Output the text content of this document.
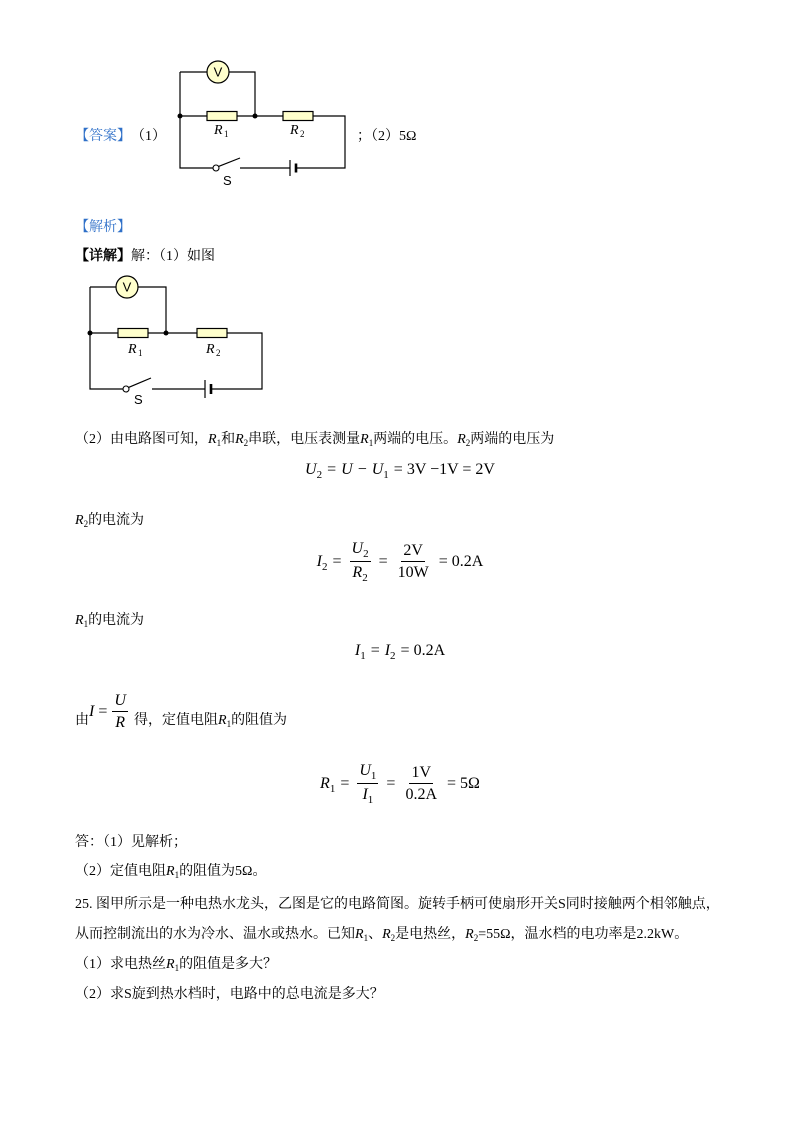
【答案】 （1）	；（2）5Ω
V
R 1	R 2
S
【解析】
【详解】 解：（1）如图
V
R 1	R 2
S
（2）由电路图可知， R 1 和 R 2 串联，电压表测量 R 1 两端的电压。 R 2 两端的电压为
U 2 = U − U 1 = 3V −1V = 2V
R 2 的电流为
I $2 = \frac{U 2}{R 2} = \frac{2V}{10W} = 0.2A$
R 1 的电流为
I 1 = I 2 = 0.2A
由
$I = \frac{U}{R}$ 得，定值电阻 R 1 的阻值为
R $1 = \frac{U 1}{I 1} = \frac{1V}{0.2A} = 5\Omega$
答：（1）见解析；
（2）定值电阻 R 1 的阻值为5Ω。
25. 图甲所示是一种电热水龙头，乙图是它的电路简图。旋转手柄可使扇形开关S同时接触两个相邻触点，
从而控制流出的水为冷水、温水或热水。已知 R 1 、 R 2 是电热丝， R 2 =55Ω，温水档的电功率是2.2kW。
（1）求电热丝 R 1 的阻值是多大？
（2）求S旋到热水档时，电路中的总电流是多大？
